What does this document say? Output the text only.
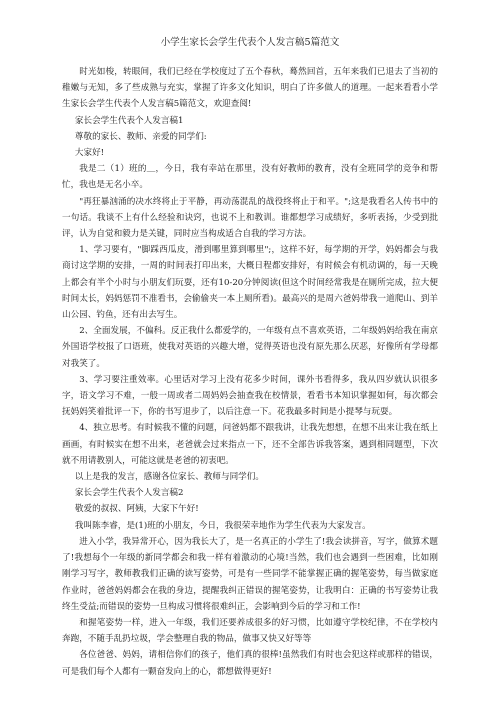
小学生家长会学生代表个人发言稿5篇范文

时光如梭，转眼间，我们已经在学校度过了五个春秋，蓦然回首，五年来我们已退去了当初的稚嫩与无知，多了些成熟与充实，掌握了许多文化知识，明白了许多做人的道理。一起来看看小学生家长会学生代表个人发言稿5篇范文，欢迎查阅!

家长会学生代表个人发言稿1

尊敬的家长、教师、亲爱的同学们:

大家好!

我是二（1）班的＿，今日，我有幸站在那里，没有好教师的教育，没有全班同学的竞争和帮忙，我也是无名小卒。

"再狂暴汹涌的决水终将止于平静，再动荡混乱的战役终将止于和平。";这是我看名人传书中的一句话。我谈不上有什么经验和诀窍，也说不上和教训。谁都想学习成绩好，多听表扬，少受到批评，认为自觉和毅力是关键，同时应当构成适合自我的学习方法。

1、学习要有，"脚踩西瓜皮，滑到哪里算到哪里";，这样不好，每学期的开学，妈妈都会与我商讨这学期的安排，一周的时间表打印出来，大概日程都安排好，有时候会有机动调的，每一天晚上都会有半个小时与小朋友们玩耍，还有10-20分钟阅读(但这个时间经常我是在厕所完成，拉大便时间太长，妈妈惩罚不准看书，会偷偷夹一本上厕所看)。最高兴的是周六爸妈带我一道爬山、到羊山公园、钓鱼，还有出去写生。

2、全面发展，不偏科。反正我什么都爱学的，一年级有点不喜欢英语，二年级妈妈给我在南京外国语学校报了口语班，使我对英语的兴趣大增，觉得英语也没有原先那么厌恶，好像所有学母都对我笑了。

3、学习要注重效率。心里话对学习上没有花多少时间，课外书看得多，我从四岁就认识很多字，语文学习不难，一般一周或者二周妈妈会抽查我在校情景，看看书本知识掌握如何，每次都会抚妈妈笑着批评一下，你的书写退步了，以后注意一下。花我最多时间是小提琴与玩耍。

4、独立思考。有时候我不懂的问题，问爸妈都不跟我讲，让我先想想，在想不出来让我在纸上画画，有时候实在想不出来，老爸就会过来指点一下，还不全部告诉我答案，遇到相同题型，下次就不用请教别人，可能这就是老爸的初衷吧。

以上是我的发言，感谢各位家长、教师与同学们。

家长会学生代表个人发言稿2

敬爱的叔叔、阿姨，大家下午好!

我叫陈李睿，是(1)班的小朋友，今日，我很荣幸地作为学生代表为大家发言。

进入小学，我异常开心，因为我长大了，是一名真正的小学生了!我会读拼音，写字，做算术题了!我想每个一年级的新同学都会和我一样有着激动的心境!当然，我们也会遇到一些困难，比如刚刚学习写字，教师教我们正确的读写姿势，可是有一些同学不能掌握正确的握笔姿势，每当做家庭作业时，爸爸妈妈都会在我的身边，提醒我纠正错误的握笔姿势，让我明白：正确的书写姿势让我终生受益;而错误的姿势一旦构成习惯将很难纠正，会影响到今后的学习和工作!

和握笔姿势一样，进入一年级，我们还要养成很多的好习惯，比如遵守学校纪律，不在学校内奔跑，不随手乱扔垃圾，学会整理自我的物品，做事又快又好等等

各位爸爸、妈妈，请相信你们的孩子，他们真的很棒!虽然我们有时也会犯这样或那样的错误，可是我们每个人都有一颗奋发向上的心，都想做得更好!
